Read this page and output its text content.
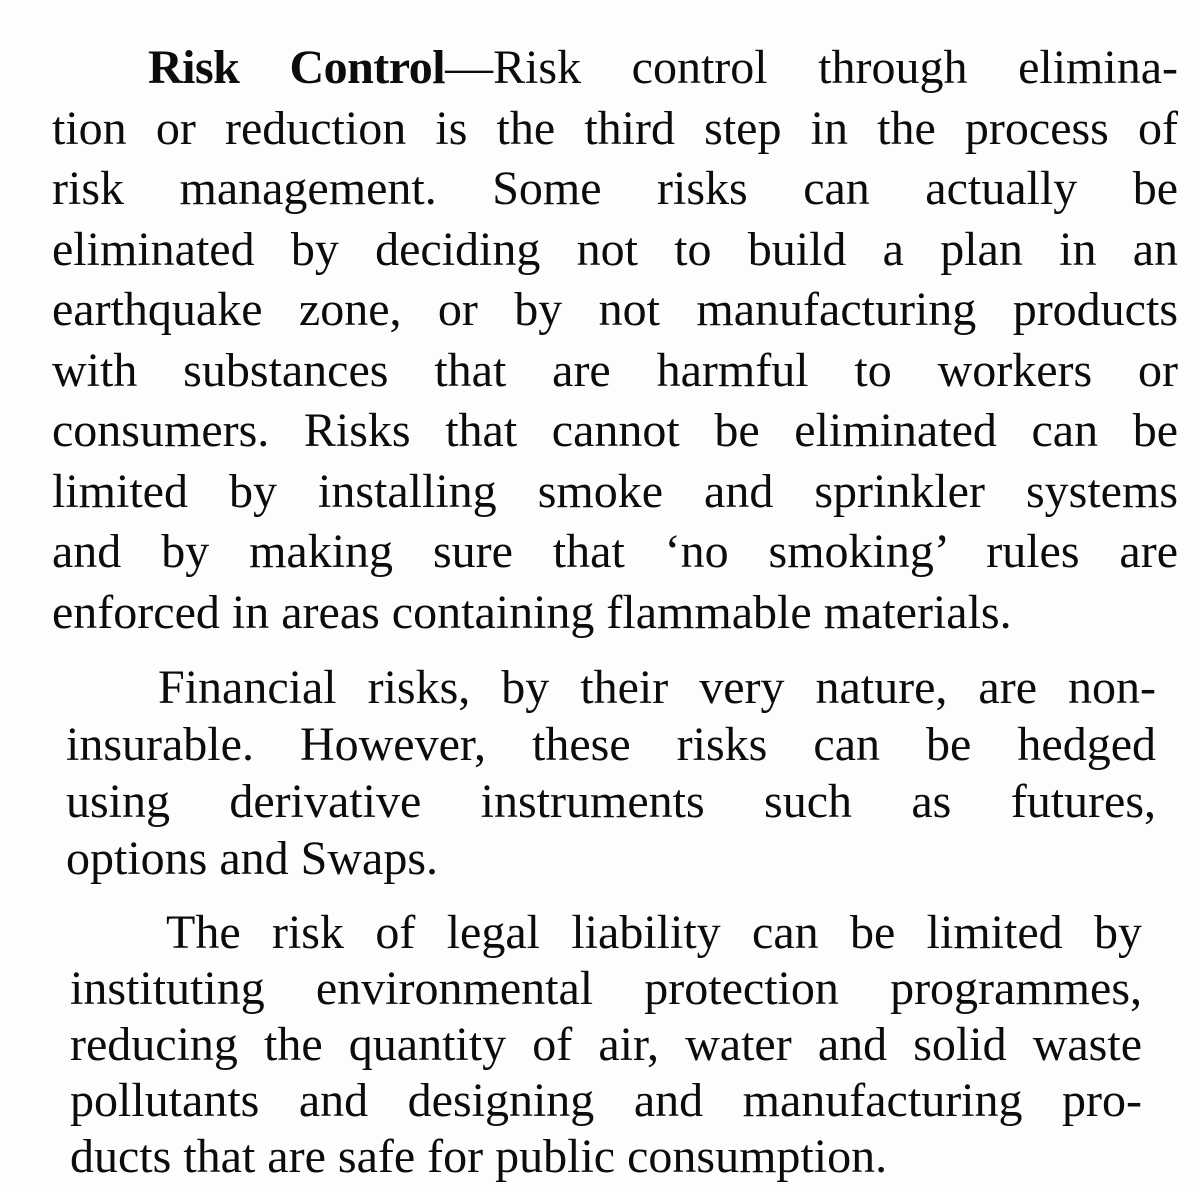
Risk Control—Risk control through elimina-
tion or reduction is the third step in the process of
risk management. Some risks can actually be
eliminated by deciding not to build a plan in an
earthquake zone, or by not manufacturing products
with substances that are harmful to workers or
consumers. Risks that cannot be eliminated can be
limited by installing smoke and sprinkler systems
and by making sure that ‘no smoking’ rules are
enforced in areas containing flammable materials.
Financial risks, by their very nature, are non-
insurable. However, these risks can be hedged
using derivative instruments such as futures,
options and Swaps.
The risk of legal liability can be limited by
instituting environmental protection programmes,
reducing the quantity of air, water and solid waste
pollutants and designing and manufacturing pro-
ducts that are safe for public consumption.
